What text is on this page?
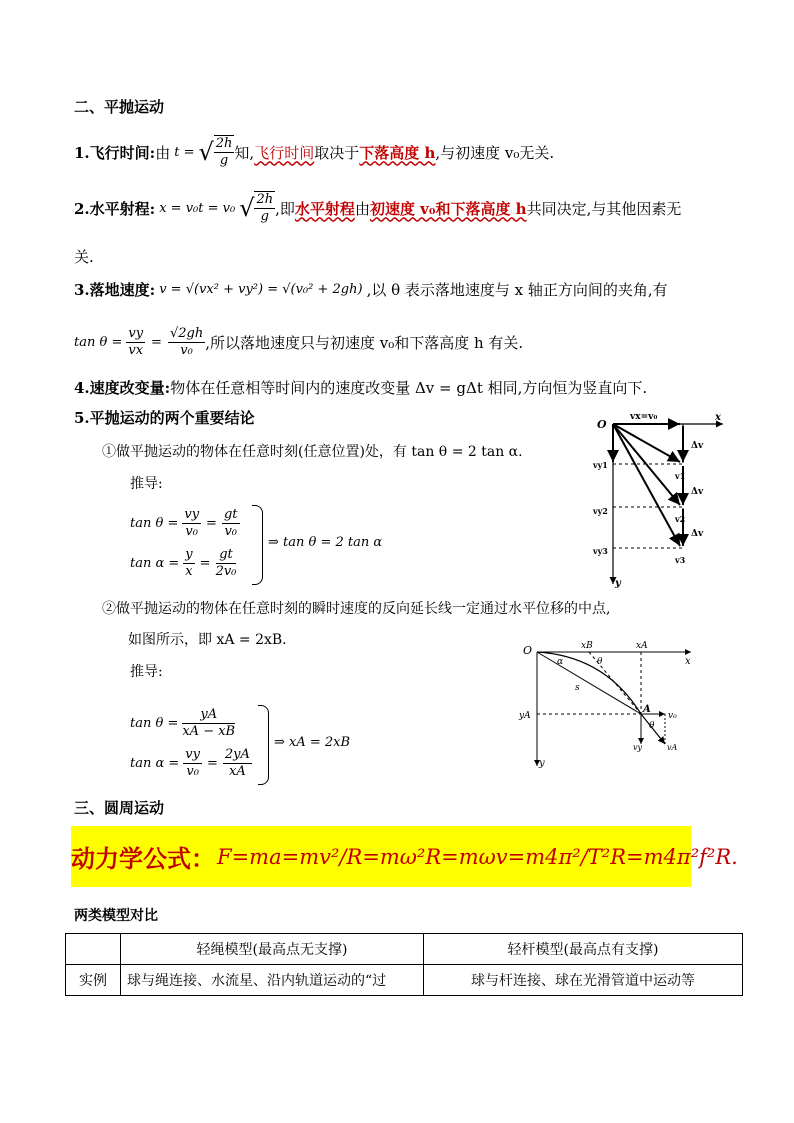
二、平抛运动
1.飞行时间: 由 t = √ $\frac{2h}{g}$ 知, 飞行时间 取决于 下落高度 h ,与初速度 v₀无关.
2.水平射程: x = v₀t = v₀ √ $\frac{2h}{g}$ ,即 水平射程 由 初速度 v₀和下落高度 h 共同决定,与其他因素无
关.
3.落地速度: v = √(vx² + vy²) = √(v₀² + 2gh) ,以 θ 表示落地速度与 x 轴正方向间的夹角,有
$\tan \theta = \frac{vy}{vx} = \frac{√2gh}{\text{v₀}}$ ,所以落地速度只与初速度 v₀和下落高度 h 有关.
4.速度改变量:物体在任意相等时间内的速度改变量 Δv = gΔt 相同,方向恒为竖直向下.
5.平抛运动的两个重要结论
①做平抛运动的物体在任意时刻(任意位置)处，有 tan θ = 2 tan α.
推导:
$\tan \theta = \frac{vy}{\text{v₀}} = \frac{gt}{\text{v₀}}$
$\tan \alpha = \frac{y}{x} = \frac{gt}{\text{2v₀}}$
⇒ tan θ = 2 tan α
O
vx=v₀	x
y
Δv
Δv
Δv
vy1
vy2
vy3
v1
v2
v3
②做平抛运动的物体在任意时刻的瞬时速度的反向延长线一定通过水平位移的中点,
如图所示，即 xA = 2xB.
推导:
$\tan \theta = \frac{yA}{xA - xB}$
$\tan \alpha = \frac{vy}{\text{v₀}} = \frac{2yA}{xA}$
⇒ xA = 2xB
O	xB	xA
x
y
yA
α	θ
s
A
θ
v₀
vy	vA
三、圆周运动
动力学公式： F=ma=mv²/R=mω²R=mωv=m4π²/T²R=m4π²f²R.
两类模型对比
	轻绳模型(最高点无支撑)	轻杆模型(最高点有支撑)
实例	球与绳连接、水流星、沿内轨道运动的“过	球与杆连接、球在光滑管道中运动等
